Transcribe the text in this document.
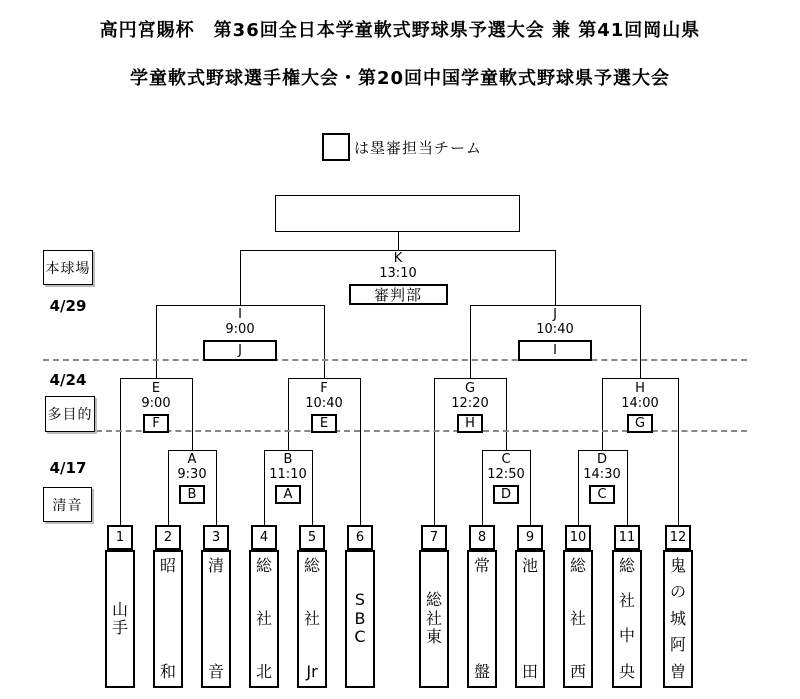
高円宮賜杯　第36回全日本学童軟式野球県予選大会 兼 第41回岡山県
学童軟式野球選手権大会・第20回中国学童軟式野球県予選大会
は塁審担当チーム
本球場
4/29
4/24
多目的
4/17
清音
K
13:10
審判部
I
9:00
J
J
10:40
I
E
9:00
F
F
10:40
E
G
12:20
H
H
14:00
G
A
9:30
B
B
11:10
A
C
12:50
D
D
14:30
C
1
山
手
2
昭
和
3
清
音
4
総
社
北
5
総
社
Jr
6
S
B
C
7
総
社
東
8
常
盤
9
池
田
10
総
社
西
11
総
社
中
央
12
鬼
の
城
阿
曽
